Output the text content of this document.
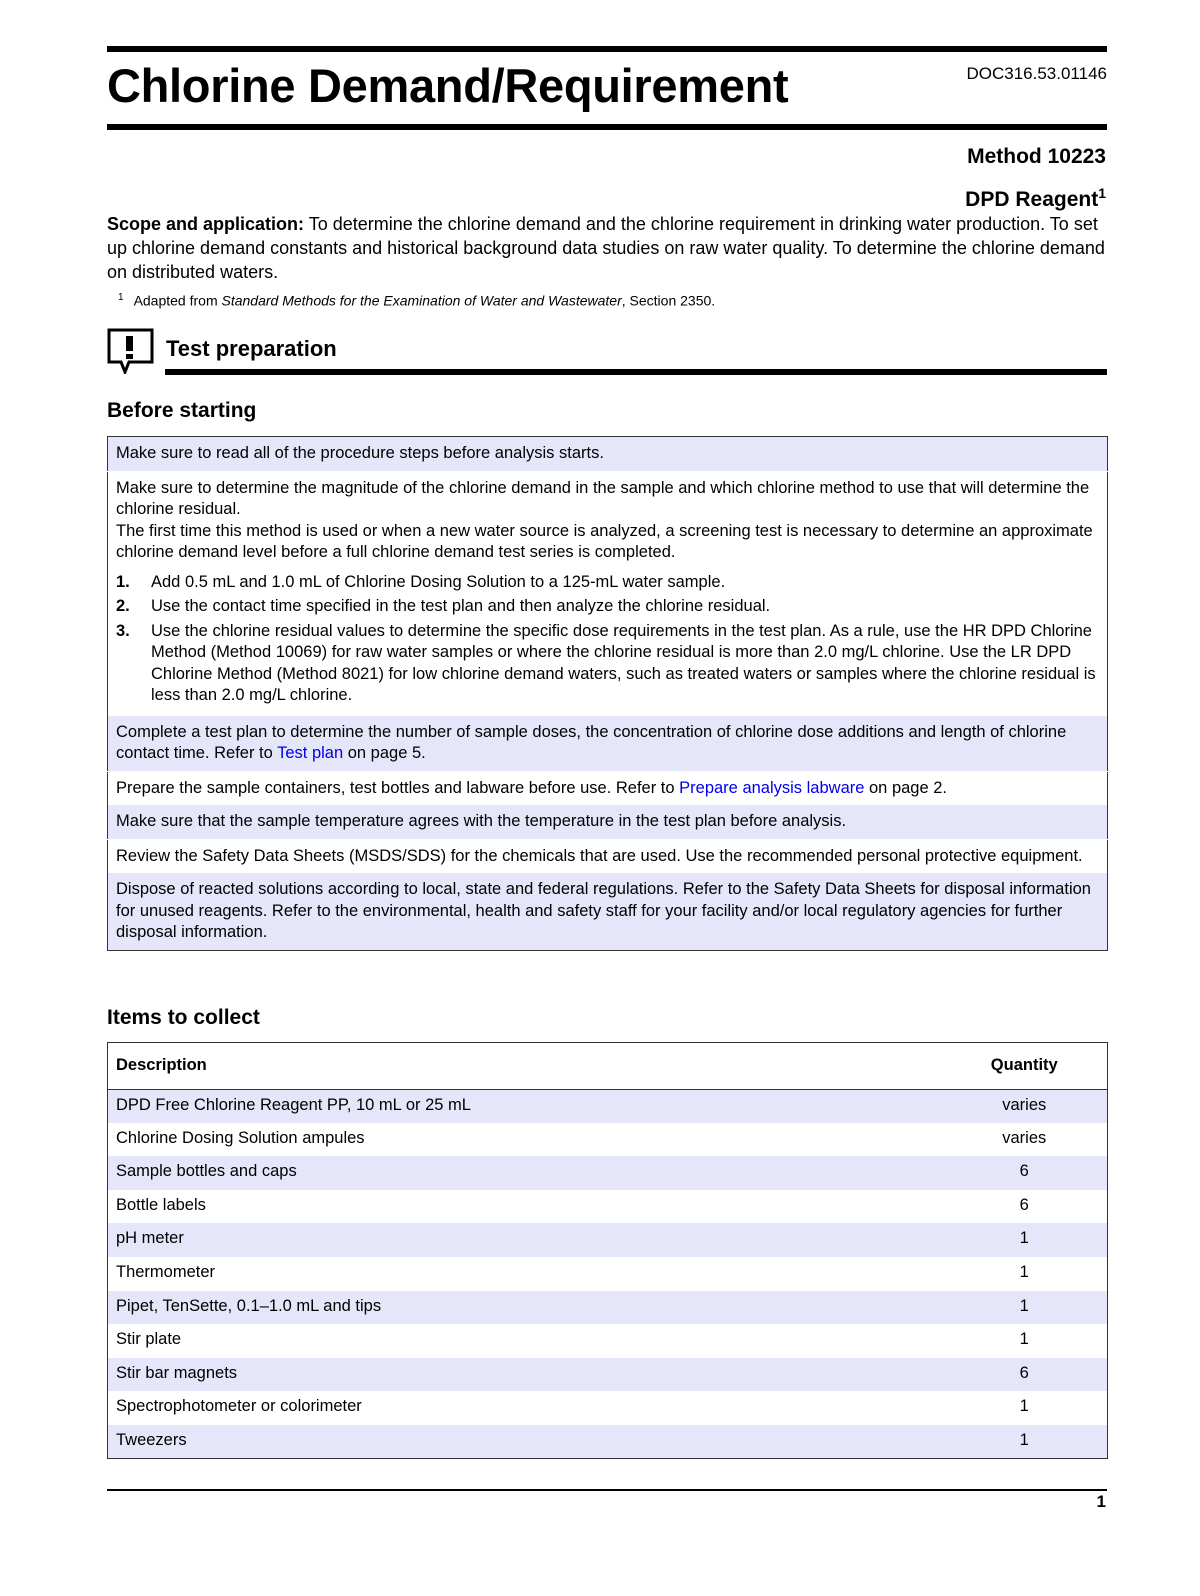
Chlorine Demand/Requirement	DOC316.53.01146
Method 10223
DPD Reagent$^1$
Scope and application: To determine the chlorine demand and the chlorine requirement in drinking water production. To set up chlorine demand constants and historical background data studies on raw water quality. To determine the chlorine demand on distributed waters.
$^1$ Adapted from Standard Methods for the Examination of Water and Wastewater, Section 2350.
Test preparation
Before starting
Make sure to read all of the procedure steps before analysis starts.

Make sure to determine the magnitude of the chlorine demand in the sample and which chlorine method to use that will determine the chlorine residual.
The first time this method is used or when a new water source is analyzed, a screening test is necessary to determine an approximate chlorine demand level before a full chlorine demand test series is completed.
1.	Add 0.5 mL and 1.0 mL of Chlorine Dosing Solution to a 125-mL water sample.
2.	Use the contact time specified in the test plan and then analyze the chlorine residual.
3.	Use the chlorine residual values to determine the specific dose requirements in the test plan. As a rule, use the HR DPD Chlorine Method (Method 10069) for raw water samples or where the chlorine residual is more than 2.0 mg/L chlorine. Use the LR DPD Chlorine Method (Method 8021) for low chlorine demand waters, such as treated waters or samples where the chlorine residual is less than 2.0 mg/L chlorine.

Complete a test plan to determine the number of sample doses, the concentration of chlorine dose additions and length of chlorine contact time. Refer to Test plan on page 5.
Prepare the sample containers, test bottles and labware before use. Refer to Prepare analysis labware on page 2.
Make sure that the sample temperature agrees with the temperature in the test plan before analysis.
Review the Safety Data Sheets (MSDS/SDS) for the chemicals that are used. Use the recommended personal protective equipment.
Dispose of reacted solutions according to local, state and federal regulations. Refer to the Safety Data Sheets for disposal information for unused reagents. Refer to the environmental, health and safety staff for your facility and/or local regulatory agencies for further disposal information.
Items to collect
Description	Quantity
DPD Free Chlorine Reagent PP, 10 mL or 25 mL	varies
Chlorine Dosing Solution ampules	varies
Sample bottles and caps	6
Bottle labels	6
pH meter	1
Thermometer	1
Pipet, TenSette, 0.1–1.0 mL and tips	1
Stir plate	1
Stir bar magnets	6
Spectrophotometer or colorimeter	1
Tweezers	1
1
